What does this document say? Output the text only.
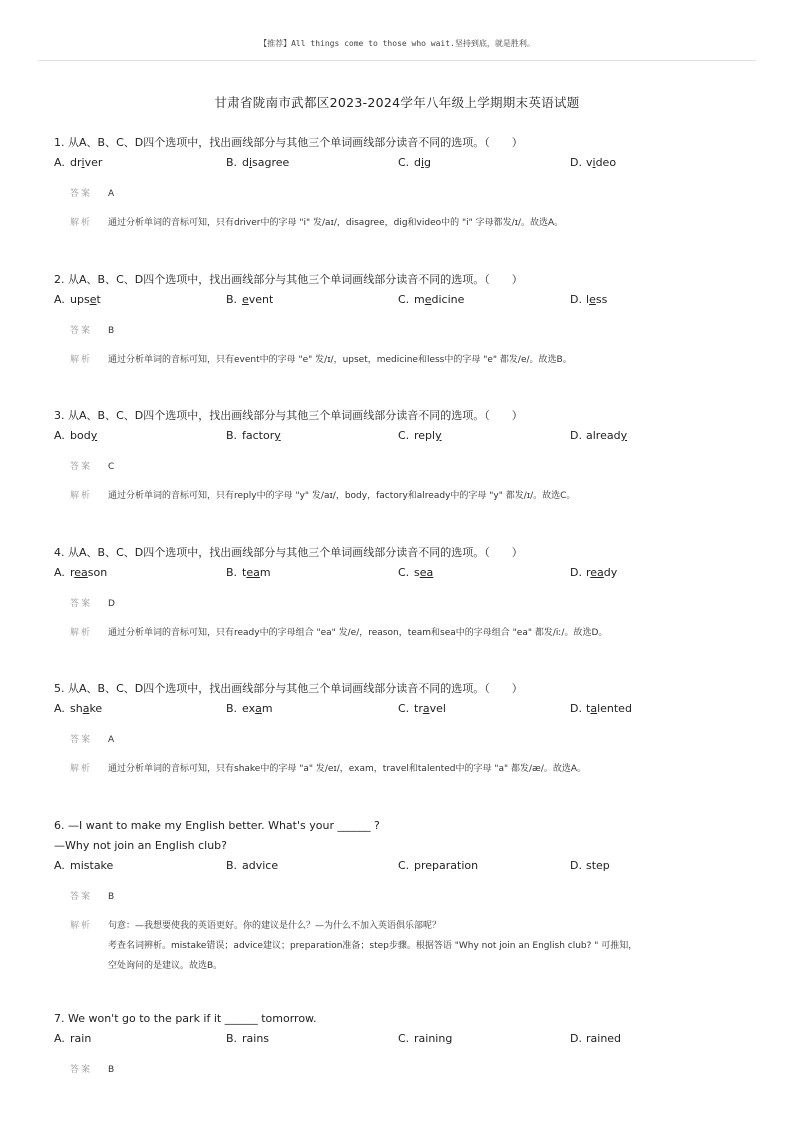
【推荐】All things come to those who wait.坚持到底，就是胜利。
甘肃省陇南市武都区2023-2024学年八年级上学期期末英语试题
1. 从A、B、C、D四个选项中，找出画线部分与其他三个单词画线部分读音不同的选项。（　　）
A. driver	B. disagree	C. dig	D. video
答案	A
解析	通过分析单词的音标可知，只有driver中的字母 "i" 发/aɪ/，disagree，dig和video中的 "i" 字母都发/ɪ/。故选A。
2. 从A、B、C、D四个选项中，找出画线部分与其他三个单词画线部分读音不同的选项。（　　）
A. upset	B. event	C. medicine	D. less
答案	B
解析	通过分析单词的音标可知，只有event中的字母 "e" 发/ɪ/，upset，medicine和less中的字母 "e" 都发/e/。故选B。
3. 从A、B、C、D四个选项中，找出画线部分与其他三个单词画线部分读音不同的选项。（　　）
A. body	B. factory	C. reply	D. already
答案	C
解析	通过分析单词的音标可知，只有reply中的字母 "y" 发/aɪ/，body，factory和already中的字母 "y" 都发/ɪ/。故选C。
4. 从A、B、C、D四个选项中，找出画线部分与其他三个单词画线部分读音不同的选项。（　　）
A. reason	B. team	C. sea	D. ready
答案	D
解析	通过分析单词的音标可知，只有ready中的字母组合 "ea" 发/e/，reason，team和sea中的字母组合 "ea" 都发/iː/。故选D。
5. 从A、B、C、D四个选项中，找出画线部分与其他三个单词画线部分读音不同的选项。（　　）
A. shake	B. exam	C. travel	D. talented
答案	A
解析	通过分析单词的音标可知，只有shake中的字母 "a" 发/eɪ/，exam，travel和talented中的字母 "a" 都发/æ/。故选A。
6. —I want to make my English better. What's your ______ ?
—Why not join an English club?
A. mistake	B. advice	C. preparation	D. step
答案	B
解析	句意：—我想要使我的英语更好。你的建议是什么？—为什么不加入英语俱乐部呢？
考查名词辨析。mistake错误；advice建议；preparation准备；step步骤。根据答语 "Why not join an English club? " 可推知，
空处询问的是建议。故选B。
7. We won't go to the park if it ______ tomorrow.
A. rain	B. rains	C. raining	D. rained
答案	B
